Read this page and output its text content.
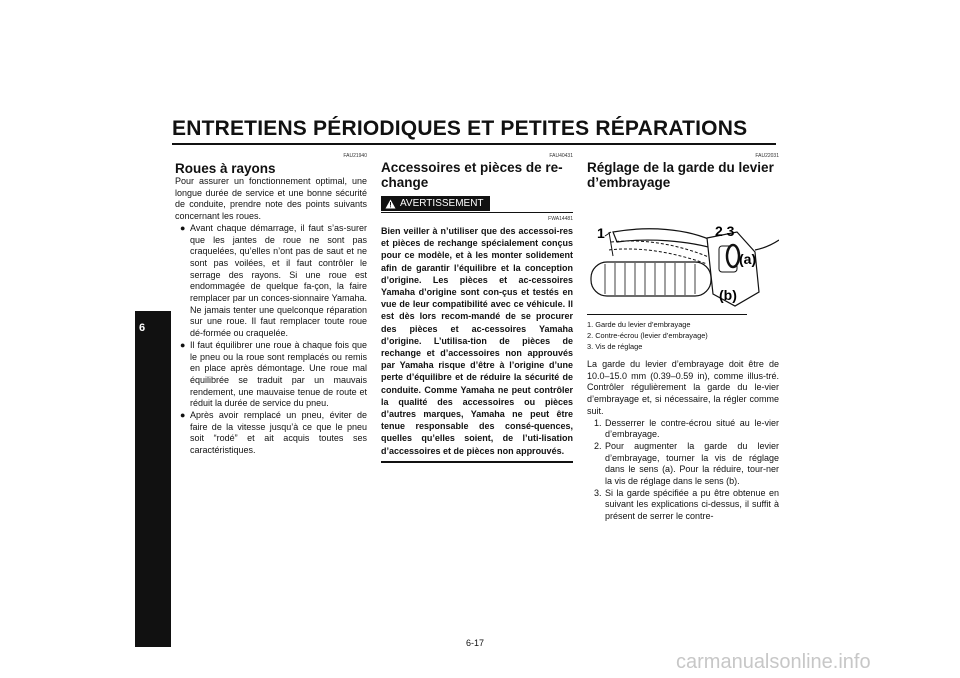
ENTRETIENS PÉRIODIQUES ET PETITES RÉPARATIONS
6
FAU21940
Roues à rayons

Pour assurer un fonctionnement optimal, une longue durée de service et une bonne sécurité de conduite, prendre note des points suivants concernant les roues.

● Avant chaque démarrage, il faut s’as-surer que les jantes de roue ne sont pas craquelées, qu’elles n’ont pas de saut et ne sont pas voilées, et il faut contrôler le serrage des rayons. Si une roue est endommagée de quelque fa-çon, la faire remplacer par un conces-sionnaire Yamaha. Ne jamais tenter une quelconque réparation sur une roue. Il faut remplacer toute roue dé-formée ou craquelée.
● Il faut équilibrer une roue à chaque fois que le pneu ou la roue sont remplacés ou remis en place après démontage. Une roue mal équilibrée se traduit par un mauvais rendement, une mauvaise tenue de route et réduit la durée de service du pneu.
● Après avoir remplacé un pneu, éviter de faire de la vitesse jusqu’à ce que le pneu soit “rodé” et ait acquis toutes ses caractéristiques.
FAU40431
Accessoires et pièces de re-change
AVERTISSEMENT
FWA14481
Bien veiller à n’utiliser que des accessoi-res et pièces de rechange spécialement conçus pour ce modèle, et à les monter solidement afin de garantir l’équilibre et la conception d’origine. Les pièces et ac-cessoires Yamaha d’origine sont con-çus et testés en vue de leur compatibilité avec ce véhicule. Il est dès lors recom-mandé de se procurer des pièces et ac-cessoires Yamaha d’origine. L’utilisa-tion de pièces de rechange et d’accessoires non approuvés par Yamaha risque d’être à l’origine d’une perte d’équilibre et de réduire la sécurité de conduite. Comme Yamaha ne peut contrôler la qualité des accessoires ou pièces d’autres marques, Yamaha ne peut être tenue responsable des consé-quences, quelles qu’elles soient, de l’uti-lisation d’accessoires et de pièces non approuvés.
FAU22031
Réglage de la garde du levier d’embrayage
1	2 3
(a)
(b)
1. Garde du levier d’embrayage
2. Contre-écrou (levier d’embrayage)
3. Vis de réglage

La garde du levier d’embrayage doit être de 10.0–15.0 mm (0.39–0.59 in), comme illus-tré. Contrôler régulièrement la garde du le-vier d’embrayage et, si nécessaire, la régler comme suit.

1. Desserrer le contre-écrou situé au le-vier d’embrayage.
2. Pour augmenter la garde du levier d’embrayage, tourner la vis de réglage dans le sens (a). Pour la réduire, tour-ner la vis de réglage dans le sens (b).
3. Si la garde spécifiée a pu être obtenue en suivant les explications ci-dessus, il suffit à présent de serrer le contre-
6-17
carmanualsonline.info
